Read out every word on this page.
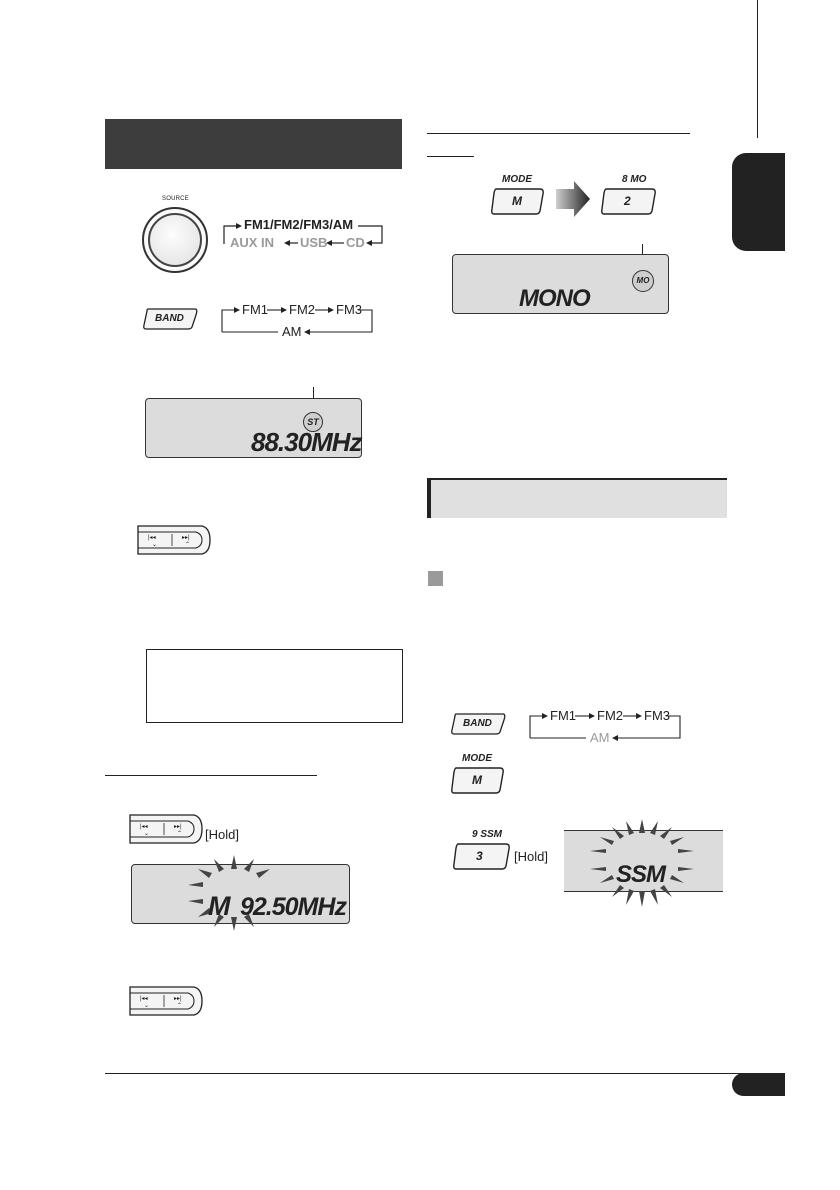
SOURCE
FM1/FM2/FM3/AM
AUX IN USB CD
BAND
FM1 FM2 FM3
AM
ST
88.30MHz
|◂◂
⌄
▸▸|
⌃
|◂◂
⌄
▸▸|
⌃ [Hold]
M 92.50MHz
|◂◂
⌄
▸▸|
⌃
MODE
M
8 MO
2
MO
MONO
BAND
FM1 FM2 FM3
AM
MODE
M
9 SSM
3 [Hold]
SSM
